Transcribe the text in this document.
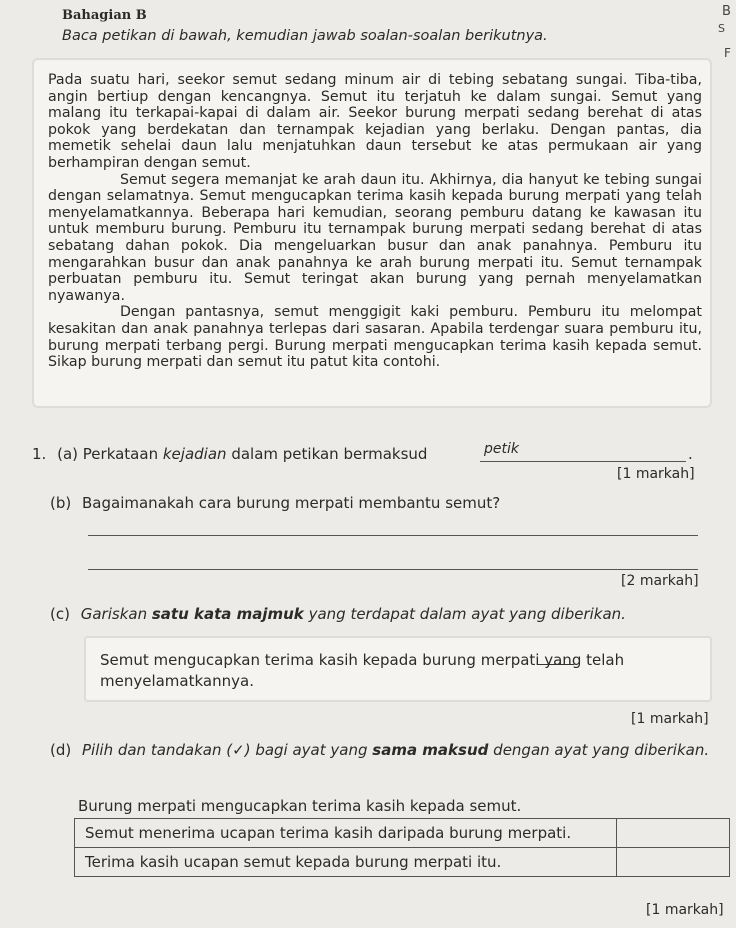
Bahagian B	B
S
F
Baca petikan di bawah, kemudian jawab soalan-soalan berikutnya.

Pada suatu hari, seekor semut sedang minum air di tebing sebatang sungai. Tiba-tiba, angin bertiup dengan kencangnya. Semut itu terjatuh ke dalam sungai. Semut yang malang itu terkapai-kapai di dalam air. Seekor burung merpati sedang berehat di atas pokok yang berdekatan dan ternampak kejadian yang berlaku. Dengan pantas, dia memetik sehelai daun lalu menjatuhkan daun tersebut ke atas permukaan air yang berhampiran dengan semut.

Semut segera memanjat ke arah daun itu. Akhirnya, dia hanyut ke tebing sungai dengan selamatnya. Semut mengucapkan terima kasih kepada burung merpati yang telah menyelamatkannya. Beberapa hari kemudian, seorang pemburu datang ke kawasan itu untuk memburu burung. Pemburu itu ternampak burung merpati sedang berehat di atas sebatang dahan pokok. Dia mengeluarkan busur dan anak panahnya. Pemburu itu mengarahkan busur dan anak panahnya ke arah burung merpati itu. Semut ternampak perbuatan pemburu itu. Semut teringat akan burung yang pernah menyelamatkan nyawanya.

Dengan pantasnya, semut menggigit kaki pemburu. Pemburu itu melompat kesakitan dan anak panahnya terlepas dari sasaran. Apabila terdengar suara pemburu itu, burung merpati terbang pergi. Burung merpati mengucapkan terima kasih kepada semut. Sikap burung merpati dan semut itu patut kita contohi.

1. (a) Perkataan kejadian dalam petikan bermaksud	petik	.
[1 markah]
(b) Bagaimanakah cara burung merpati membantu semut?
[2 markah]
(c) Gariskan satu kata majmuk yang terdapat dalam ayat yang diberikan.
Semut mengucapkan terima kasih kepada burung merpati yang telah menyelamatkannya.
[1 markah]
(d) Pilih dan tandakan (✓) bagi ayat yang sama maksud dengan ayat yang diberikan.
Burung merpati mengucapkan terima kasih kepada semut.
Semut menerima ucapan terima kasih daripada burung merpati.	
Terima kasih ucapan semut kepada burung merpati itu.	
[1 markah]
